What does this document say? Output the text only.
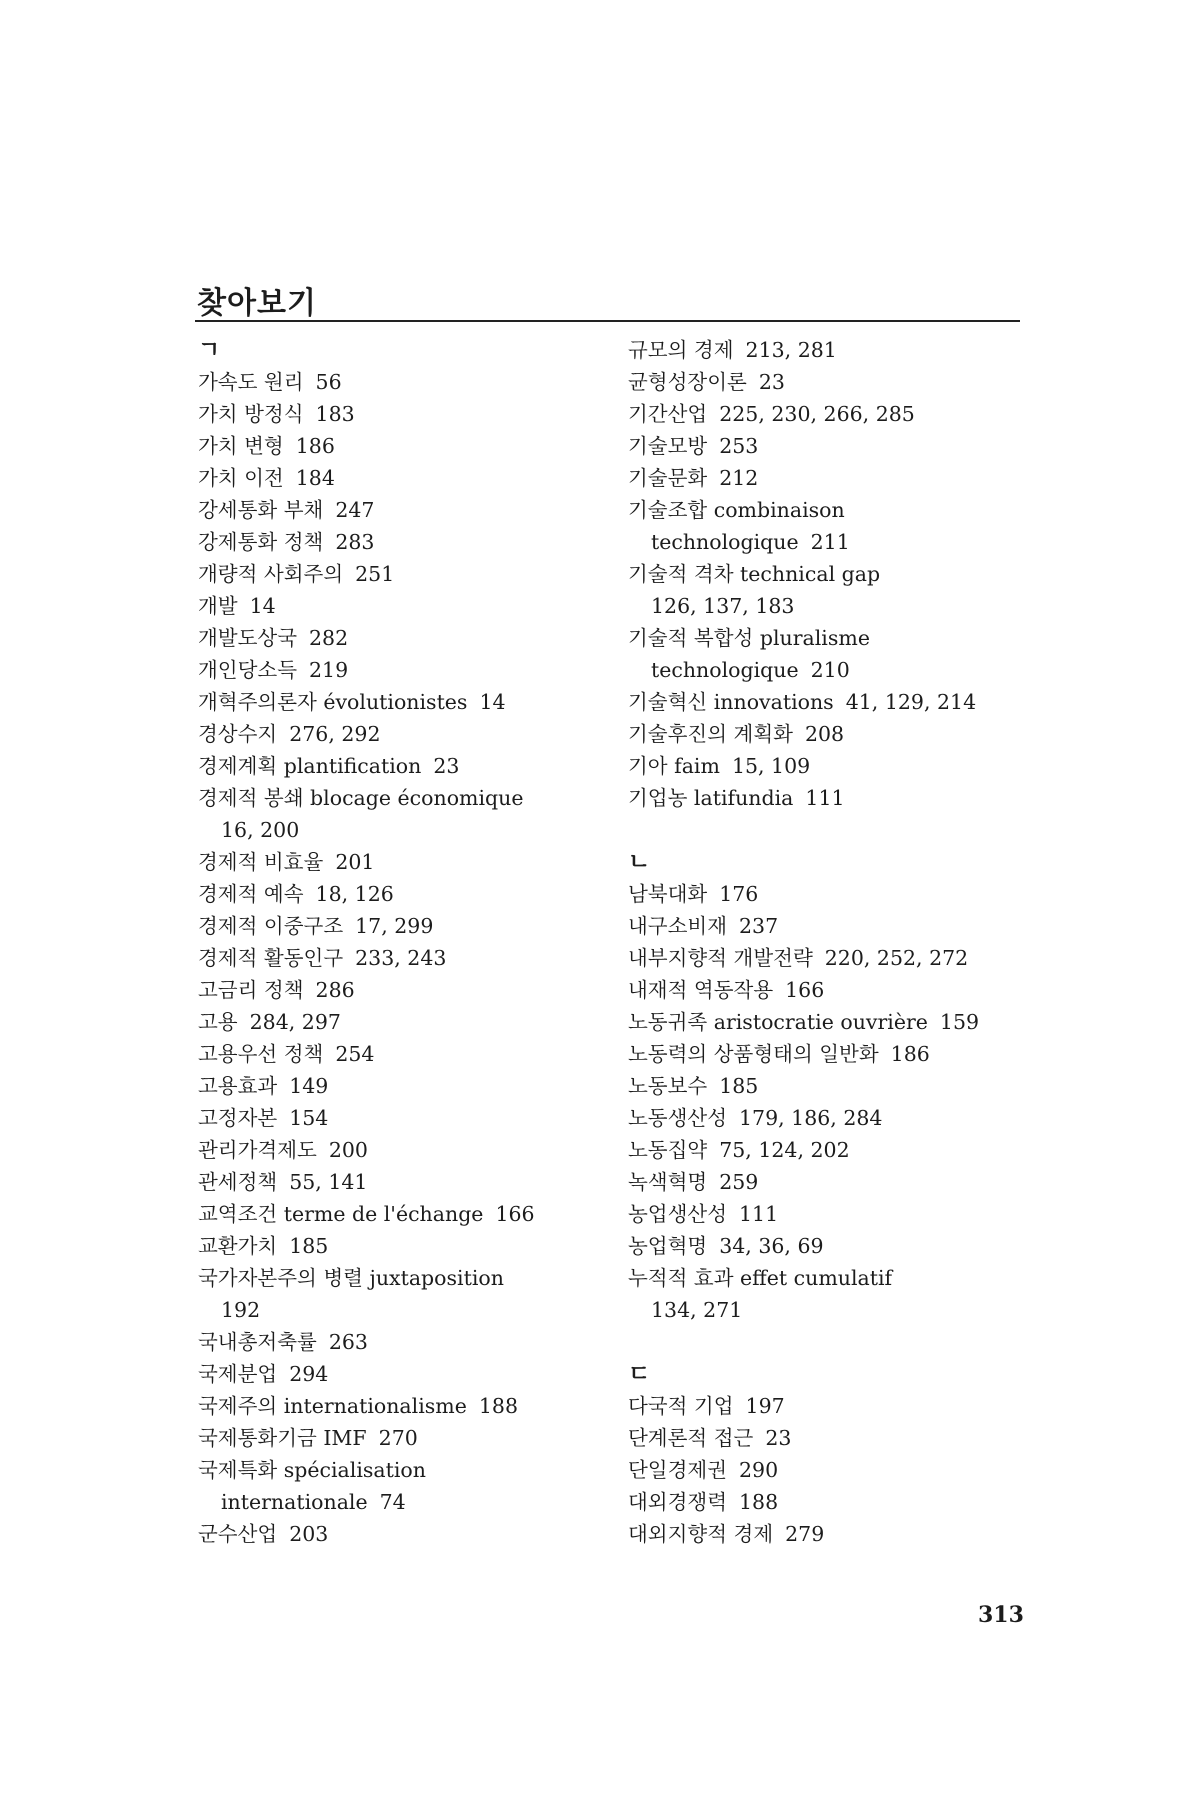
찾아보기
ㄱ
가속도 원리 56
가치 방정식 183
가치 변형 186
가치 이전 184
강세통화 부채 247
강제통화 정책 283
개량적 사회주의 251
개발 14
개발도상국 282
개인당소득 219
개혁주의론자 évolutionistes 14
경상수지 276, 292
경제계획 plantification 23
경제적 봉쇄 blocage économique
16, 200
경제적 비효율 201
경제적 예속 18, 126
경제적 이중구조 17, 299
경제적 활동인구 233, 243
고금리 정책 286
고용 284, 297
고용우선 정책 254
고용효과 149
고정자본 154
관리가격제도 200
관세정책 55, 141
교역조건 terme de l'échange 166
교환가치 185
국가자본주의 병렬 juxtaposition
192
국내총저축률 263
국제분업 294
국제주의 internationalisme 188
국제통화기금 IMF 270
국제특화 spécialisation
internationale 74
군수산업 203
규모의 경제 213, 281
균형성장이론 23
기간산업 225, 230, 266, 285
기술모방 253
기술문화 212
기술조합 combinaison
technologique 211
기술적 격차 technical gap
126, 137, 183
기술적 복합성 pluralisme
technologique 210
기술혁신 innovations 41, 129, 214
기술후진의 계획화 208
기아 faim 15, 109
기업농 latifundia 111
ㄴ
남북대화 176
내구소비재 237
내부지향적 개발전략 220, 252, 272
내재적 역동작용 166
노동귀족 aristocratie ouvrière 159
노동력의 상품형태의 일반화 186
노동보수 185
노동생산성 179, 186, 284
노동집약 75, 124, 202
녹색혁명 259
농업생산성 111
농업혁명 34, 36, 69
누적적 효과 effet cumulatif
134, 271
ㄷ
다국적 기업 197
단계론적 접근 23
단일경제권 290
대외경쟁력 188
대외지향적 경제 279
313
